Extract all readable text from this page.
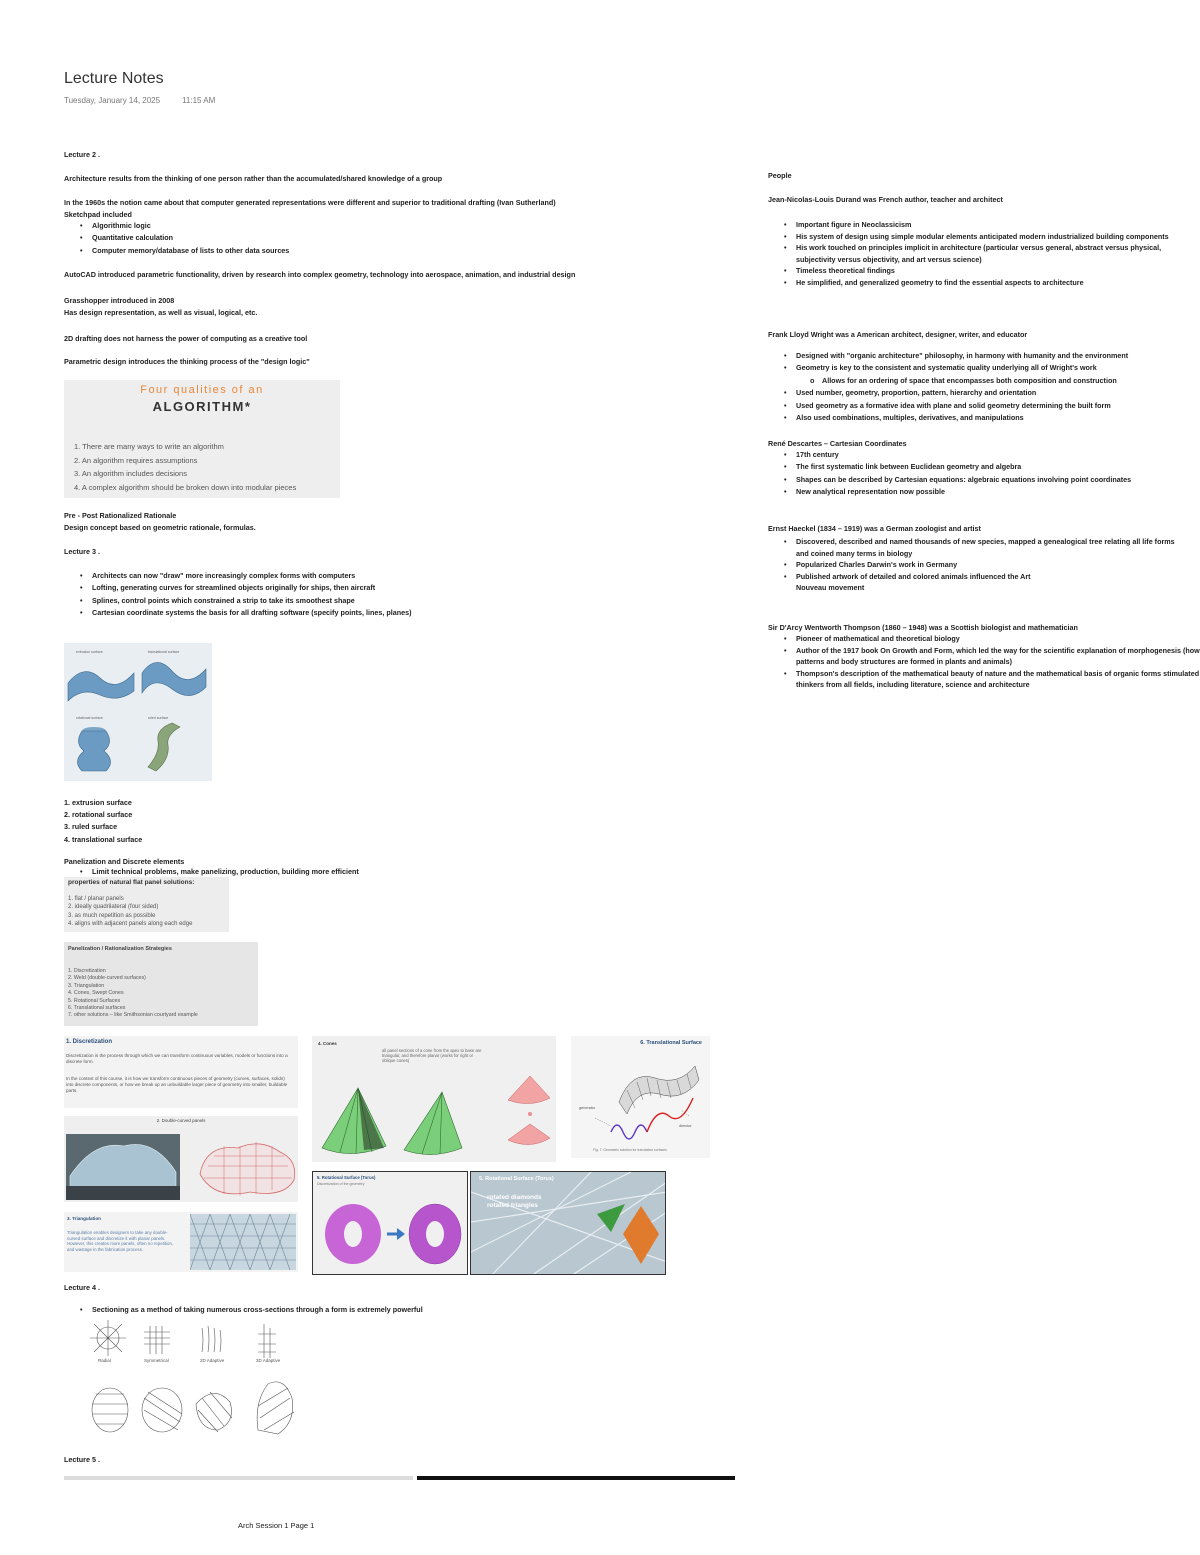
Lecture Notes
Tuesday, January 14, 2025	11:15 AM
Lecture 2 .
Architecture results from the thinking of one person rather than the accumulated/shared knowledge of a group
In the 1960s the notion came about that computer generated representations were different and superior to traditional drafting (Ivan Sutherland)
Sketchpad included
• Algorithmic logic
• Quantitative calculation
• Computer memory/database of lists to other data sources
AutoCAD introduced parametric functionality, driven by research into complex geometry, technology into aerospace, animation, and industrial design
Grasshopper introduced in 2008
Has design representation, as well as visual, logical, etc.
2D drafting does not harness the power of computing as a creative tool
Parametric design introduces the thinking process of the "design logic"
Four qualities of an
ALGORITHM*
1. There are many ways to write an algorithm
2. An algorithm requires assumptions
3. An algorithm includes decisions
4. A complex algorithm should be broken down into modular pieces
Pre - Post Rationalized Rationale
Design concept based on geometric rationale, formulas.
Lecture 3 .
• Architects can now "draw" more increasingly complex forms with computers
• Lofting, generating curves for streamlined objects originally for ships, then aircraft
• Splines, control points which constrained a strip to take its smoothest shape
• Cartesian coordinate systems the basis for all drafting software (specify points, lines, planes)
extrusion surface	translational surface
rotational surface	ruled surface
1. extrusion surface
2. rotational surface
3. ruled surface
4. translational surface
Panelization and Discrete elements
• Limit technical problems, make panelizing, production, building more efficient
properties of natural flat panel solutions:
1. flat / planar panels
2. ideally quadrilateral (four sided)
3. as much repetition as possible
4. aligns with adjacent panels along each edge
Panelization / Rationalization Strategies
1. Discretization
2. Weld (double-curved surfaces)
3. Triangulation
4. Cones, Swept Cones
5. Rotational Surfaces
6. Translational surfaces
7. other solutions – like Smithsonian courtyard example
1. Discretization
Discretization is the process through which we can transform continuous variables, models or functions into a discrete form.
In the context of this course, it is how we transform continuous pieces of geometry (curves, surfaces, solids) into discrete components, or how we break up an unbuildable larger piece of geometry into smaller, buildable parts.
2. Double-curved panels
3. Triangulation
Triangulation enables designers to take any double-curved surface and discretize it with planar panels. However, this creates more panels, often no repetition, and wastage in the fabrication process.
4. Cones
all panel sections of a cone from the apex to base are triangular, and therefore planar (works for right or oblique cones)
6. Translational Surface
generator
director
Fig. 7. Geometric solution for translation surfaces
5. Rotational Surface (Torus)
Discretization of the geometry
5. Rotational Surface (Torus)
rotated diamonds
rotated triangles
Lecture 4 .
• Sectioning as a method of taking numerous cross-sections through a form is extremely powerful
Radial	Symmetrical	2D Adaptive	3D Adaptive
Lecture 5 .
People
Jean-Nicolas-Louis Durand was French author, teacher and architect
• Important figure in Neoclassicism
• His system of design using simple modular elements anticipated modern industrialized building components
• His work touched on principles implicit in architecture (particular versus general, abstract versus physical, subjectivity versus objectivity, and art versus science)
• Timeless theoretical findings
• He simplified, and generalized geometry to find the essential aspects to architecture
Frank Lloyd Wright was a American architect, designer, writer, and educator
• Designed with "organic architecture" philosophy, in harmony with humanity and the environment
• Geometry is key to the consistent and systematic quality underlying all of Wright's work
o Allows for an ordering of space that encompasses both composition and construction
• Used number, geometry, proportion, pattern, hierarchy and orientation
• Used geometry as a formative idea with plane and solid geometry determining the built form
• Also used combinations, multiples, derivatives, and manipulations
René Descartes – Cartesian Coordinates
• 17th century
• The first systematic link between Euclidean geometry and algebra
• Shapes can be described by Cartesian equations: algebraic equations involving point coordinates
• New analytical representation now possible
Ernst Haeckel (1834 – 1919) was a German zoologist and artist
• Discovered, described and named thousands of new species, mapped a genealogical tree relating all life forms and coined many terms in biology
• Popularized Charles Darwin's work in Germany
• Published artwork of detailed and colored animals influenced the Art Nouveau movement
Sir D'Arcy Wentworth Thompson (1860 – 1948) was a Scottish biologist and mathematician
• Pioneer of mathematical and theoretical biology
• Author of the 1917 book On Growth and Form, which led the way for the scientific explanation of morphogenesis (how patterns and body structures are formed in plants and animals)
• Thompson's description of the mathematical beauty of nature and the mathematical basis of organic forms stimulated thinkers from all fields, including literature, science and architecture
Arch Session 1 Page 1
